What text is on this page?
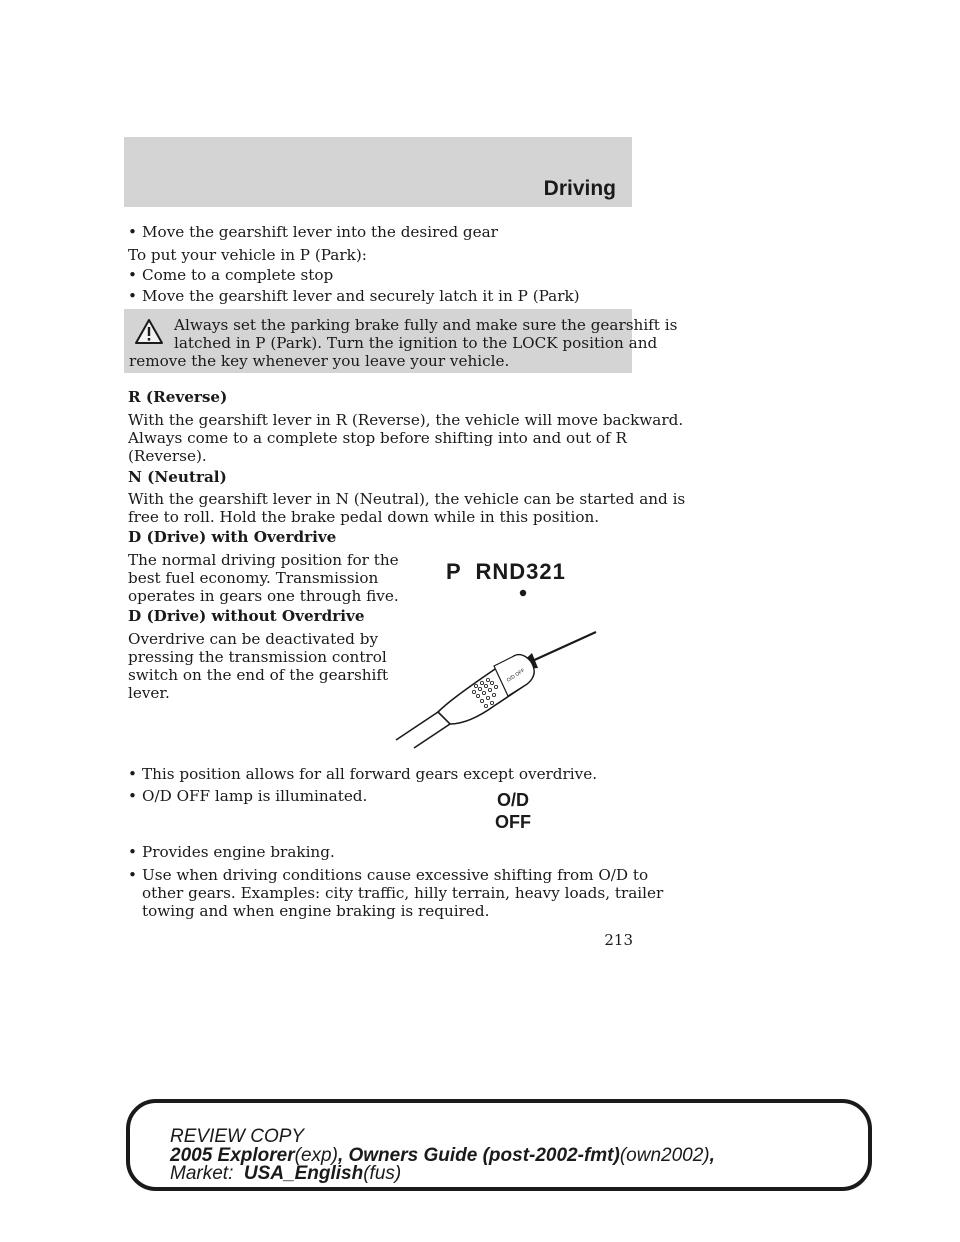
Driving
• Move the gearshift lever into the desired gear
To put your vehicle in P (Park):
• Come to a complete stop
• Move the gearshift lever and securely latch it in P (Park)
Always set the parking brake fully and make sure the gearshift is
latched in P (Park). Turn the ignition to the LOCK position and
remove the key whenever you leave your vehicle.
R (Reverse)
With the gearshift lever in R (Reverse), the vehicle will move backward.
Always come to a complete stop before shifting into and out of R
(Reverse).
N (Neutral)
With the gearshift lever in N (Neutral), the vehicle can be started and is
free to roll. Hold the brake pedal down while in this position.
D (Drive) with Overdrive
The normal driving position for the
best fuel economy. Transmission
operates in gears one through five.
D (Drive) without Overdrive
Overdrive can be deactivated by
pressing the transmission control
switch on the end of the gearshift
lever.
P  RND321
O/D OFF
• This position allows for all forward gears except overdrive.
• O/D OFF lamp is illuminated.	O/D
OFF
• Provides engine braking.
• Use when driving conditions cause excessive shifting from O/D to
other gears. Examples: city traffic, hilly terrain, heavy loads, trailer
towing and when engine braking is required.
213
REVIEW COPY
2005 Explorer(exp), Owners Guide (post-2002-fmt)(own2002),
Market: USA_English(fus)
